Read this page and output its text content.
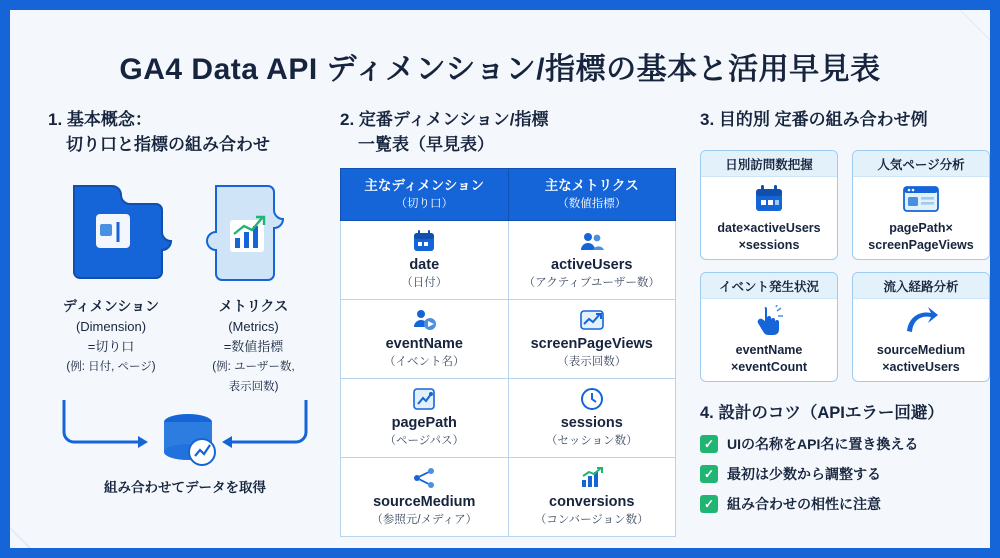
GA4 Data API ディメンション/指標の基本と活用早見表
1. 基本概念：
切り口と指標の組み合わせ
ディメンション
(Dimension)
=切り口
(例: 日付, ページ)
メトリクス
(Metrics)
=数値指標
(例: ユーザー数,
表示回数)
組み合わせてデータを取得
2. 定番ディメンション/指標
一覧表（早見表）
主なディメンション
（切り口）	主なメトリクス
（数値指標）

date
（日付）	activeUsers
（アクティブユーザー数）

eventName
（イベント名）	screenPageViews
（表示回数）

pagePath
（ページパス）	sessions
（セッション数）

sourceMedium
（参照元/メディア）	conversions
（コンバージョン数）
3. 目的別 定番の組み合わせ例
日別訪問数把握
date×activeUsers
×sessions
人気ページ分析
pagePath×
screenPageViews
イベント発生状況
eventName
×eventCount
流入経路分析
sourceMedium
×activeUsers
4. 設計のコツ（APIエラー回避）
✓ UIの名称をAPI名に置き換える
✓ 最初は少数から調整する
✓ 組み合わせの相性に注意
